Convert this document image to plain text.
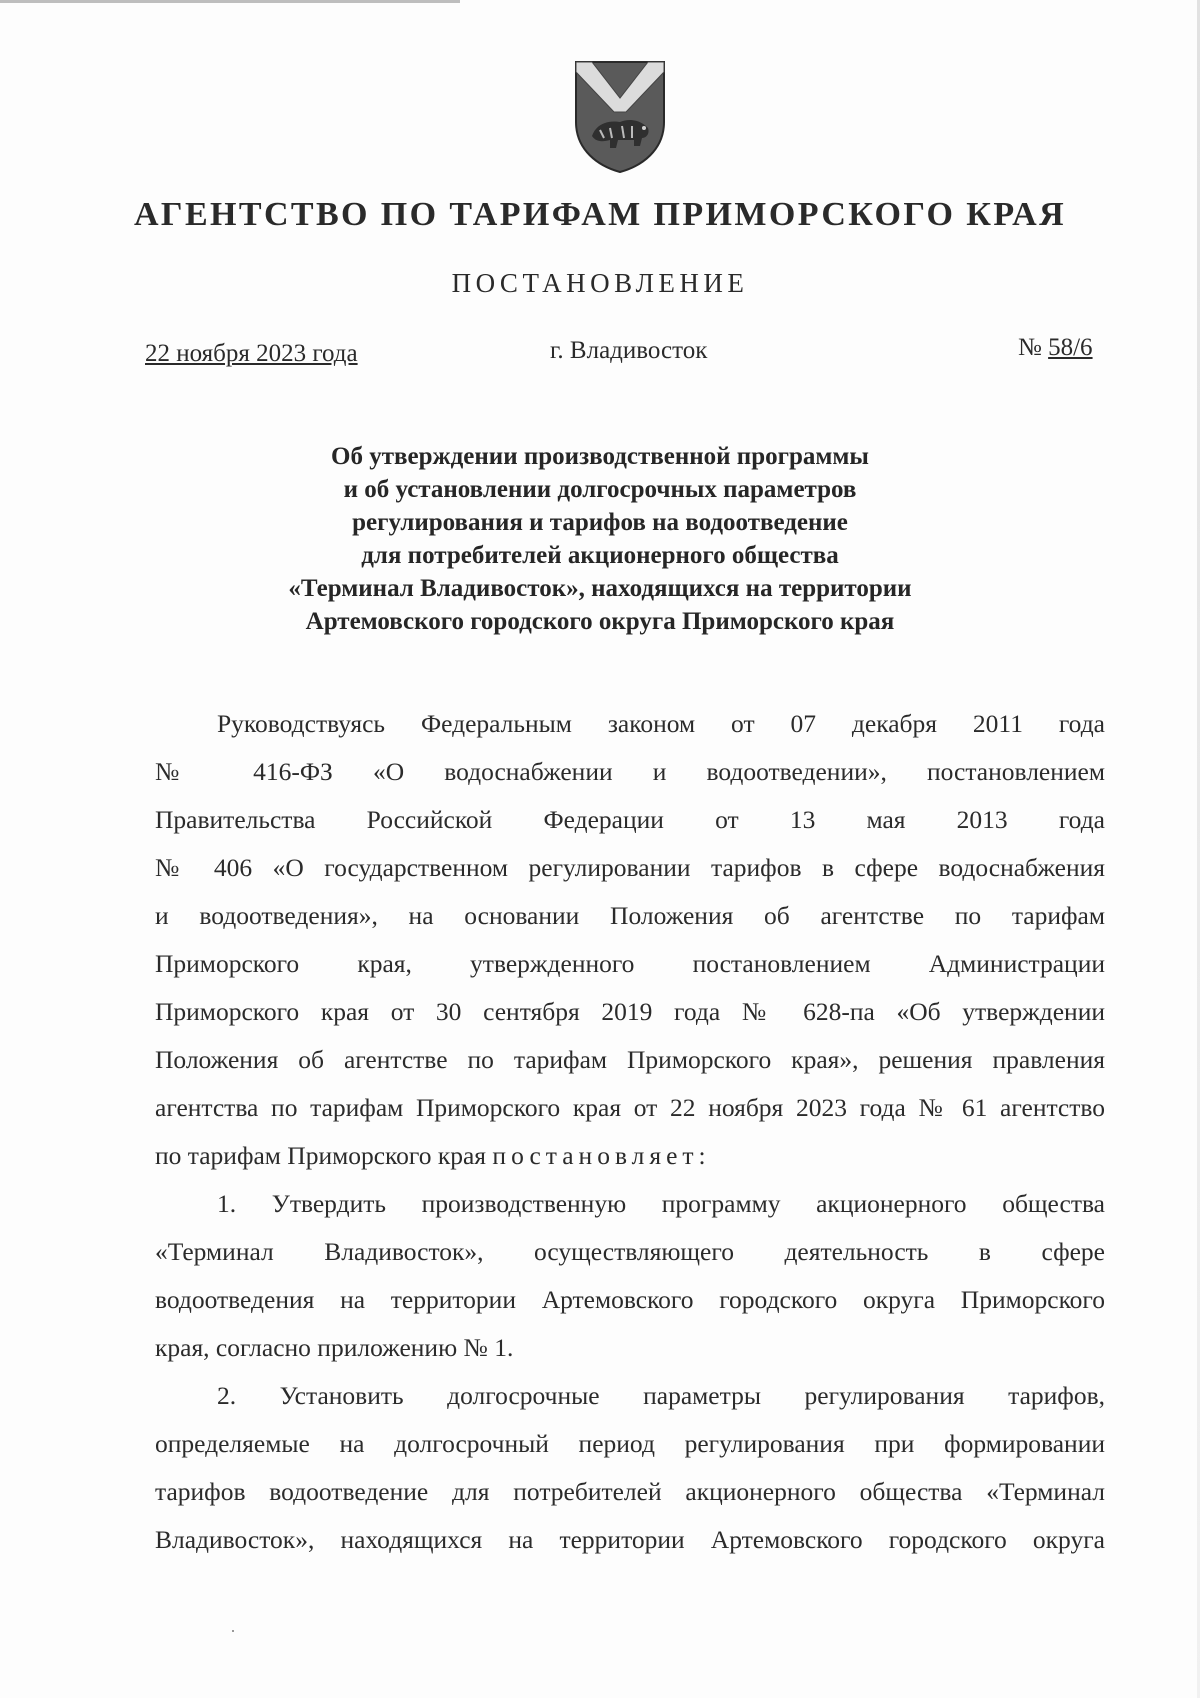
АГЕНТСТВО ПО ТАРИФАМ ПРИМОРСКОГО КРАЯ
ПОСТАНОВЛЕНИЕ
22 ноября 2023 года	г. Владивосток	№ 58/6
Об утверждении производственной программы
и об установлении долгосрочных параметров
регулирования и тарифов на водоотведение
для потребителей акционерного общества
«Терминал Владивосток», находящихся на территории
Артемовского городского округа Приморского края
Руководствуясь Федеральным законом от 07 декабря 2011 года
№ 416-ФЗ «О водоснабжении и водоотведении», постановлением
Правительства Российской Федерации от 13 мая 2013 года
№ 406 «О государственном регулировании тарифов в сфере водоснабжения
и водоотведения», на основании Положения об агентстве по тарифам
Приморского края, утвержденного постановлением Администрации
Приморского края от 30 сентября 2019 года № 628-па «Об утверждении
Положения об агентстве по тарифам Приморского края», решения правления
агентства по тарифам Приморского края от 22 ноября 2023 года № 61 агентство
по тарифам Приморского края постановляет:
1. Утвердить производственную программу акционерного общества
«Терминал Владивосток», осуществляющего деятельность в сфере
водоотведения на территории Артемовского городского округа Приморского
края, согласно приложению № 1.
2. Установить долгосрочные параметры регулирования тарифов,
определяемые на долгосрочный период регулирования при формировании
тарифов водоотведение для потребителей акционерного общества «Терминал
Владивосток», находящихся на территории Артемовского городского округа
